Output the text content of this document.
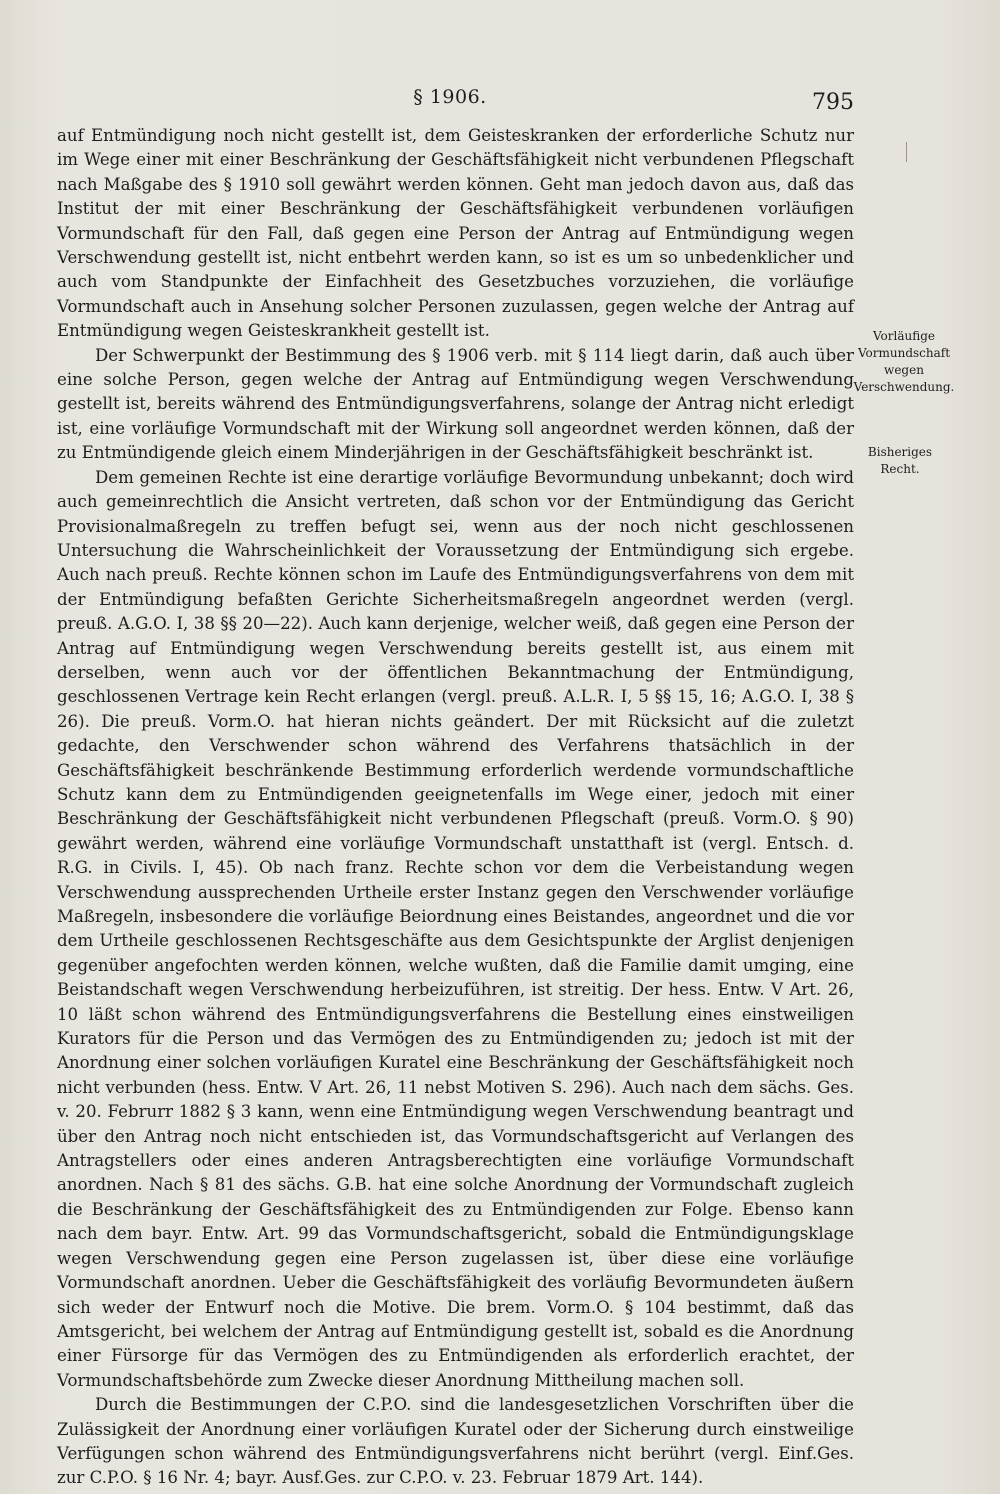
§ 1906.	795

auf Entmündigung noch nicht gestellt ist, dem Geisteskranken der erforderliche Schutz nur im Wege einer mit einer Beschränkung der Geschäftsfähigkeit nicht verbundenen Pflegschaft nach Maßgabe des § 1910 soll gewährt werden können. Geht man jedoch davon aus, daß das Institut der mit einer Beschränkung der Geschäftsfähigkeit verbundenen vorläufigen Vormundschaft für den Fall, daß gegen eine Person der Antrag auf Entmündigung wegen Verschwendung gestellt ist, nicht entbehrt werden kann, so ist es um so unbedenklicher und auch vom Standpunkte der Einfachheit des Gesetzbuches vorzuziehen, die vorläufige Vormundschaft auch in Ansehung solcher Personen zuzulassen, gegen welche der Antrag auf Entmündigung wegen Geisteskrankheit gestellt ist.

Der Schwerpunkt der Bestimmung des § 1906 verb. mit § 114 liegt darin, daß auch über eine solche Person, gegen welche der Antrag auf Entmündigung wegen Verschwendung gestellt ist, bereits während des Entmündigungsverfahrens, solange der Antrag nicht erledigt ist, eine vorläufige Vormundschaft mit der Wirkung soll angeordnet werden können, daß der zu Entmündigende gleich einem Minderjährigen in der Geschäftsfähigkeit beschränkt ist.

Dem gemeinen Rechte ist eine derartige vorläufige Bevormundung unbekannt; doch wird auch gemeinrechtlich die Ansicht vertreten, daß schon vor der Entmündigung das Gericht Provisionalmaßregeln zu treffen befugt sei, wenn aus der noch nicht geschlossenen Untersuchung die Wahrscheinlichkeit der Voraussetzung der Entmündigung sich ergebe. Auch nach preuß. Rechte können schon im Laufe des Entmündigungsverfahrens von dem mit der Entmündigung befaßten Gerichte Sicherheitsmaßregeln angeordnet werden (vergl. preuß. A.G.O. I, 38 §§ 20—22). Auch kann derjenige, welcher weiß, daß gegen eine Person der Antrag auf Entmündigung wegen Verschwendung bereits gestellt ist, aus einem mit derselben, wenn auch vor der öffentlichen Bekanntmachung der Entmündigung, geschlossenen Vertrage kein Recht erlangen (vergl. preuß. A.L.R. I, 5 §§ 15, 16; A.G.O. I, 38 § 26). Die preuß. Vorm.O. hat hieran nichts geändert. Der mit Rücksicht auf die zuletzt gedachte, den Verschwender schon während des Verfahrens thatsächlich in der Geschäftsfähigkeit beschränkende Bestimmung erforderlich werdende vormundschaftliche Schutz kann dem zu Entmündigenden geeignetenfalls im Wege einer, jedoch mit einer Beschränkung der Geschäftsfähigkeit nicht verbundenen Pflegschaft (preuß. Vorm.O. § 90) gewährt werden, während eine vorläufige Vormundschaft unstatthaft ist (vergl. Entsch. d. R.G. in Civils. I, 45). Ob nach franz. Rechte schon vor dem die Verbeistandung wegen Verschwendung aussprechenden Urtheile erster Instanz gegen den Verschwender vorläufige Maßregeln, insbesondere die vorläufige Beiordnung eines Beistandes, angeordnet und die vor dem Urtheile geschlossenen Rechtsgeschäfte aus dem Gesichtspunkte der Arglist denjenigen gegenüber angefochten werden können, welche wußten, daß die Familie damit umging, eine Beistandschaft wegen Verschwendung herbeizuführen, ist streitig. Der hess. Entw. V Art. 26, 10 läßt schon während des Entmündigungsverfahrens die Bestellung eines einstweiligen Kurators für die Person und das Vermögen des zu Entmündigenden zu; jedoch ist mit der Anordnung einer solchen vorläufigen Kuratel eine Beschränkung der Geschäftsfähigkeit noch nicht verbunden (hess. Entw. V Art. 26, 11 nebst Motiven S. 296). Auch nach dem sächs. Ges. v. 20. Februrr 1882 § 3 kann, wenn eine Entmündigung wegen Verschwendung beantragt und über den Antrag noch nicht entschieden ist, das Vormundschaftsgericht auf Verlangen des Antragstellers oder eines anderen Antragsberechtigten eine vorläufige Vormundschaft anordnen. Nach § 81 des sächs. G.B. hat eine solche Anordnung der Vormundschaft zugleich die Beschränkung der Geschäftsfähigkeit des zu Entmündigenden zur Folge. Ebenso kann nach dem bayr. Entw. Art. 99 das Vormundschaftsgericht, sobald die Entmündigungsklage wegen Verschwendung gegen eine Person zugelassen ist, über diese eine vorläufige Vormundschaft anordnen. Ueber die Geschäftsfähigkeit des vorläufig Bevormundeten äußern sich weder der Entwurf noch die Motive. Die brem. Vorm.O. § 104 bestimmt, daß das Amtsgericht, bei welchem der Antrag auf Entmündigung gestellt ist, sobald es die Anordnung einer Fürsorge für das Vermögen des zu Entmündigenden als erforderlich erachtet, der Vormundschaftsbehörde zum Zwecke dieser Anordnung Mittheilung machen soll.

Durch die Bestimmungen der C.P.O. sind die landesgesetzlichen Vorschriften über die Zulässigkeit der Anordnung einer vorläufigen Kuratel oder der Sicherung durch einstweilige Verfügungen schon während des Entmündigungsverfahrens nicht berührt (vergl. Einf.Ges. zur C.P.O. § 16 Nr. 4; bayr. Ausf.Ges. zur C.P.O. v. 23. Februar 1879 Art. 144).

Vorläufige Vormundschaft wegen Verschwendung.
Bisheriges Recht.
